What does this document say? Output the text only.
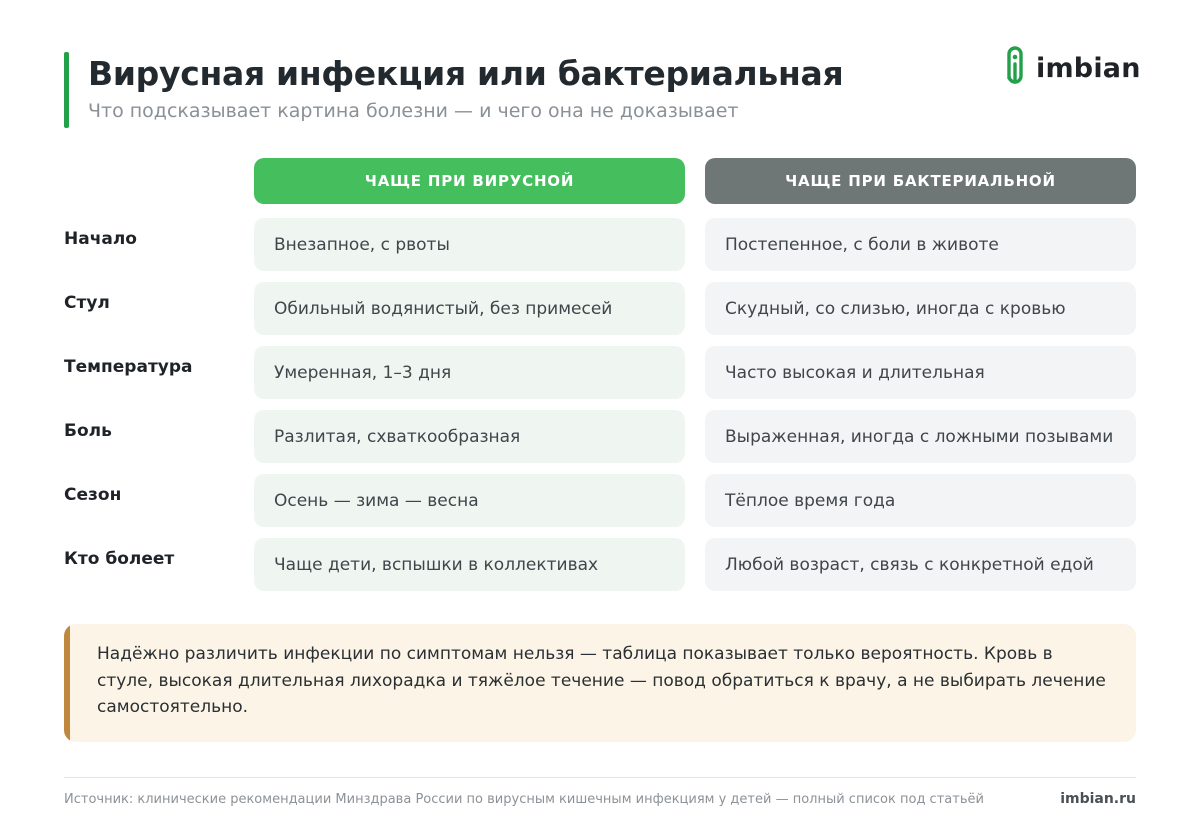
Вирусная инфекция или бактериальная
Что подсказывает картина болезни — и чего она не доказывает
imbian
ЧАЩЕ ПРИ ВИРУСНОЙ	ЧАЩЕ ПРИ БАКТЕРИАЛЬНОЙ
Начало	Внезапное, с рвоты	Постепенное, с боли в животе
Стул	Обильный водянистый, без примесей	Скудный, со слизью, иногда с кровью
Температура	Умеренная, 1–3 дня	Часто высокая и длительная
Боль	Разлитая, схваткообразная	Выраженная, иногда с ложными позывами
Сезон	Осень — зима — весна	Тёплое время года
Кто болеет	Чаще дети, вспышки в коллективах	Любой возраст, связь с конкретной едой
Надёжно различить инфекции по симптомам нельзя — таблица показывает только вероятность. Кровь в стуле, высокая длительная лихорадка и тяжёлое течение — повод обратиться к врачу, а не выбирать лечение самостоятельно.
Источник: клинические рекомендации Минздрава России по вирусным кишечным инфекциям у детей — полный список под статьёй	imbian.ru
